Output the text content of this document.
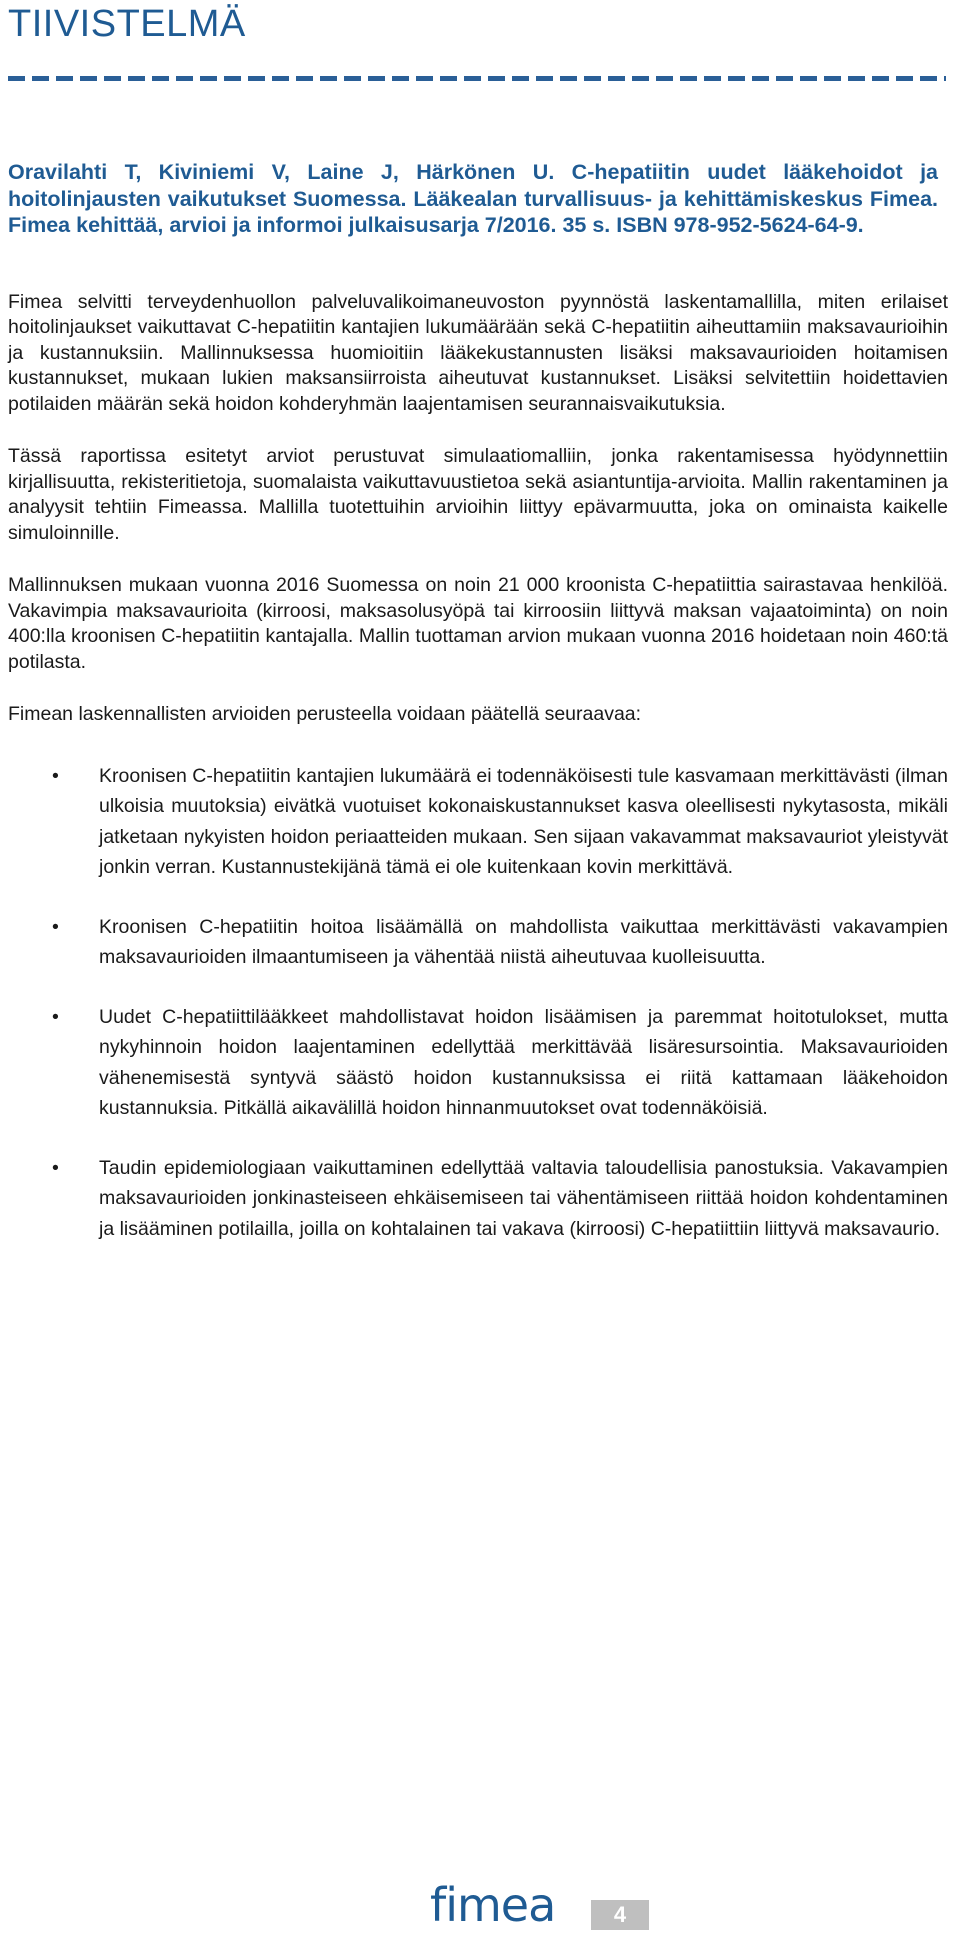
TIIVISTELMÄ

Oravilahti T, Kiviniemi V, Laine J, Härkönen U. C-hepatiitin uudet lääkehoidot ja hoitolinjausten vaikutukset Suomessa. Lääkealan turvallisuus- ja kehittämiskeskus Fimea. Fimea kehittää, arvioi ja informoi julkaisusarja 7/2016. 35 s. ISBN 978-952-5624-64-9.

Fimea selvitti terveydenhuollon palveluvalikoimaneuvoston pyynnöstä laskentamallilla, miten erilaiset hoitolinjaukset vaikuttavat C-hepatiitin kantajien lukumäärään sekä C-hepatiitin aiheuttamiin maksavaurioihin ja kustannuksiin. Mallinnuksessa huomioitiin lääkekustannusten lisäksi maksavaurioiden hoitamisen kustannukset, mukaan lukien maksansiirroista aiheutuvat kustannukset. Lisäksi selvitettiin hoidettavien potilaiden määrän sekä hoidon kohderyhmän laajentamisen seurannaisvaikutuksia.

Tässä raportissa esitetyt arviot perustuvat simulaatiomalliin, jonka rakentamisessa hyödynnettiin kirjallisuutta, rekisteritietoja, suomalaista vaikuttavuustietoa sekä asiantuntija-arvioita. Mallin rakentaminen ja analyysit tehtiin Fimeassa. Mallilla tuotettuihin arvioihin liittyy epävarmuutta, joka on ominaista kaikelle simuloinnille.

Mallinnuksen mukaan vuonna 2016 Suomessa on noin 21 000 kroonista C-hepatiittia sairastavaa henkilöä. Vakavimpia maksavaurioita (kirroosi, maksasolusyöpä tai kirroosiin liittyvä maksan vajaatoiminta) on noin 400:lla kroonisen C-hepatiitin kantajalla. Mallin tuottaman arvion mukaan vuonna 2016 hoidetaan noin 460:tä potilasta.

Fimean laskennallisten arvioiden perusteella voidaan päätellä seuraavaa:

• Kroonisen C-hepatiitin kantajien lukumäärä ei todennäköisesti tule kasvamaan merkittävästi (ilman ulkoisia muutoksia) eivätkä vuotuiset kokonaiskustannukset kasva oleellisesti nykytasosta, mikäli jatketaan nykyisten hoidon periaatteiden mukaan. Sen sijaan vakavammat maksavauriot yleistyvät jonkin verran. Kustannustekijänä tämä ei ole kuitenkaan kovin merkittävä.
• Kroonisen C-hepatiitin hoitoa lisäämällä on mahdollista vaikuttaa merkittävästi vakavampien maksavaurioiden ilmaantumiseen ja vähentää niistä aiheutuvaa kuolleisuutta.
• Uudet C-hepatiittilääkkeet mahdollistavat hoidon lisäämisen ja paremmat hoitotulokset, mutta nykyhinnoin hoidon laajentaminen edellyttää merkittävää lisäresursointia. Maksavaurioiden vähenemisestä syntyvä säästö hoidon kustannuksissa ei riitä kattamaan lääkehoidon kustannuksia. Pitkällä aikavälillä hoidon hinnanmuutokset ovat todennäköisiä.
• Taudin epidemiologiaan vaikuttaminen edellyttää valtavia taloudellisia panostuksia. Vakavampien maksavaurioiden jonkinasteiseen ehkäisemiseen tai vähentämiseen riittää hoidon kohdentaminen ja lisääminen potilailla, joilla on kohtalainen tai vakava (kirroosi) C-hepatiittiin liittyvä maksavaurio.
fimea	4
